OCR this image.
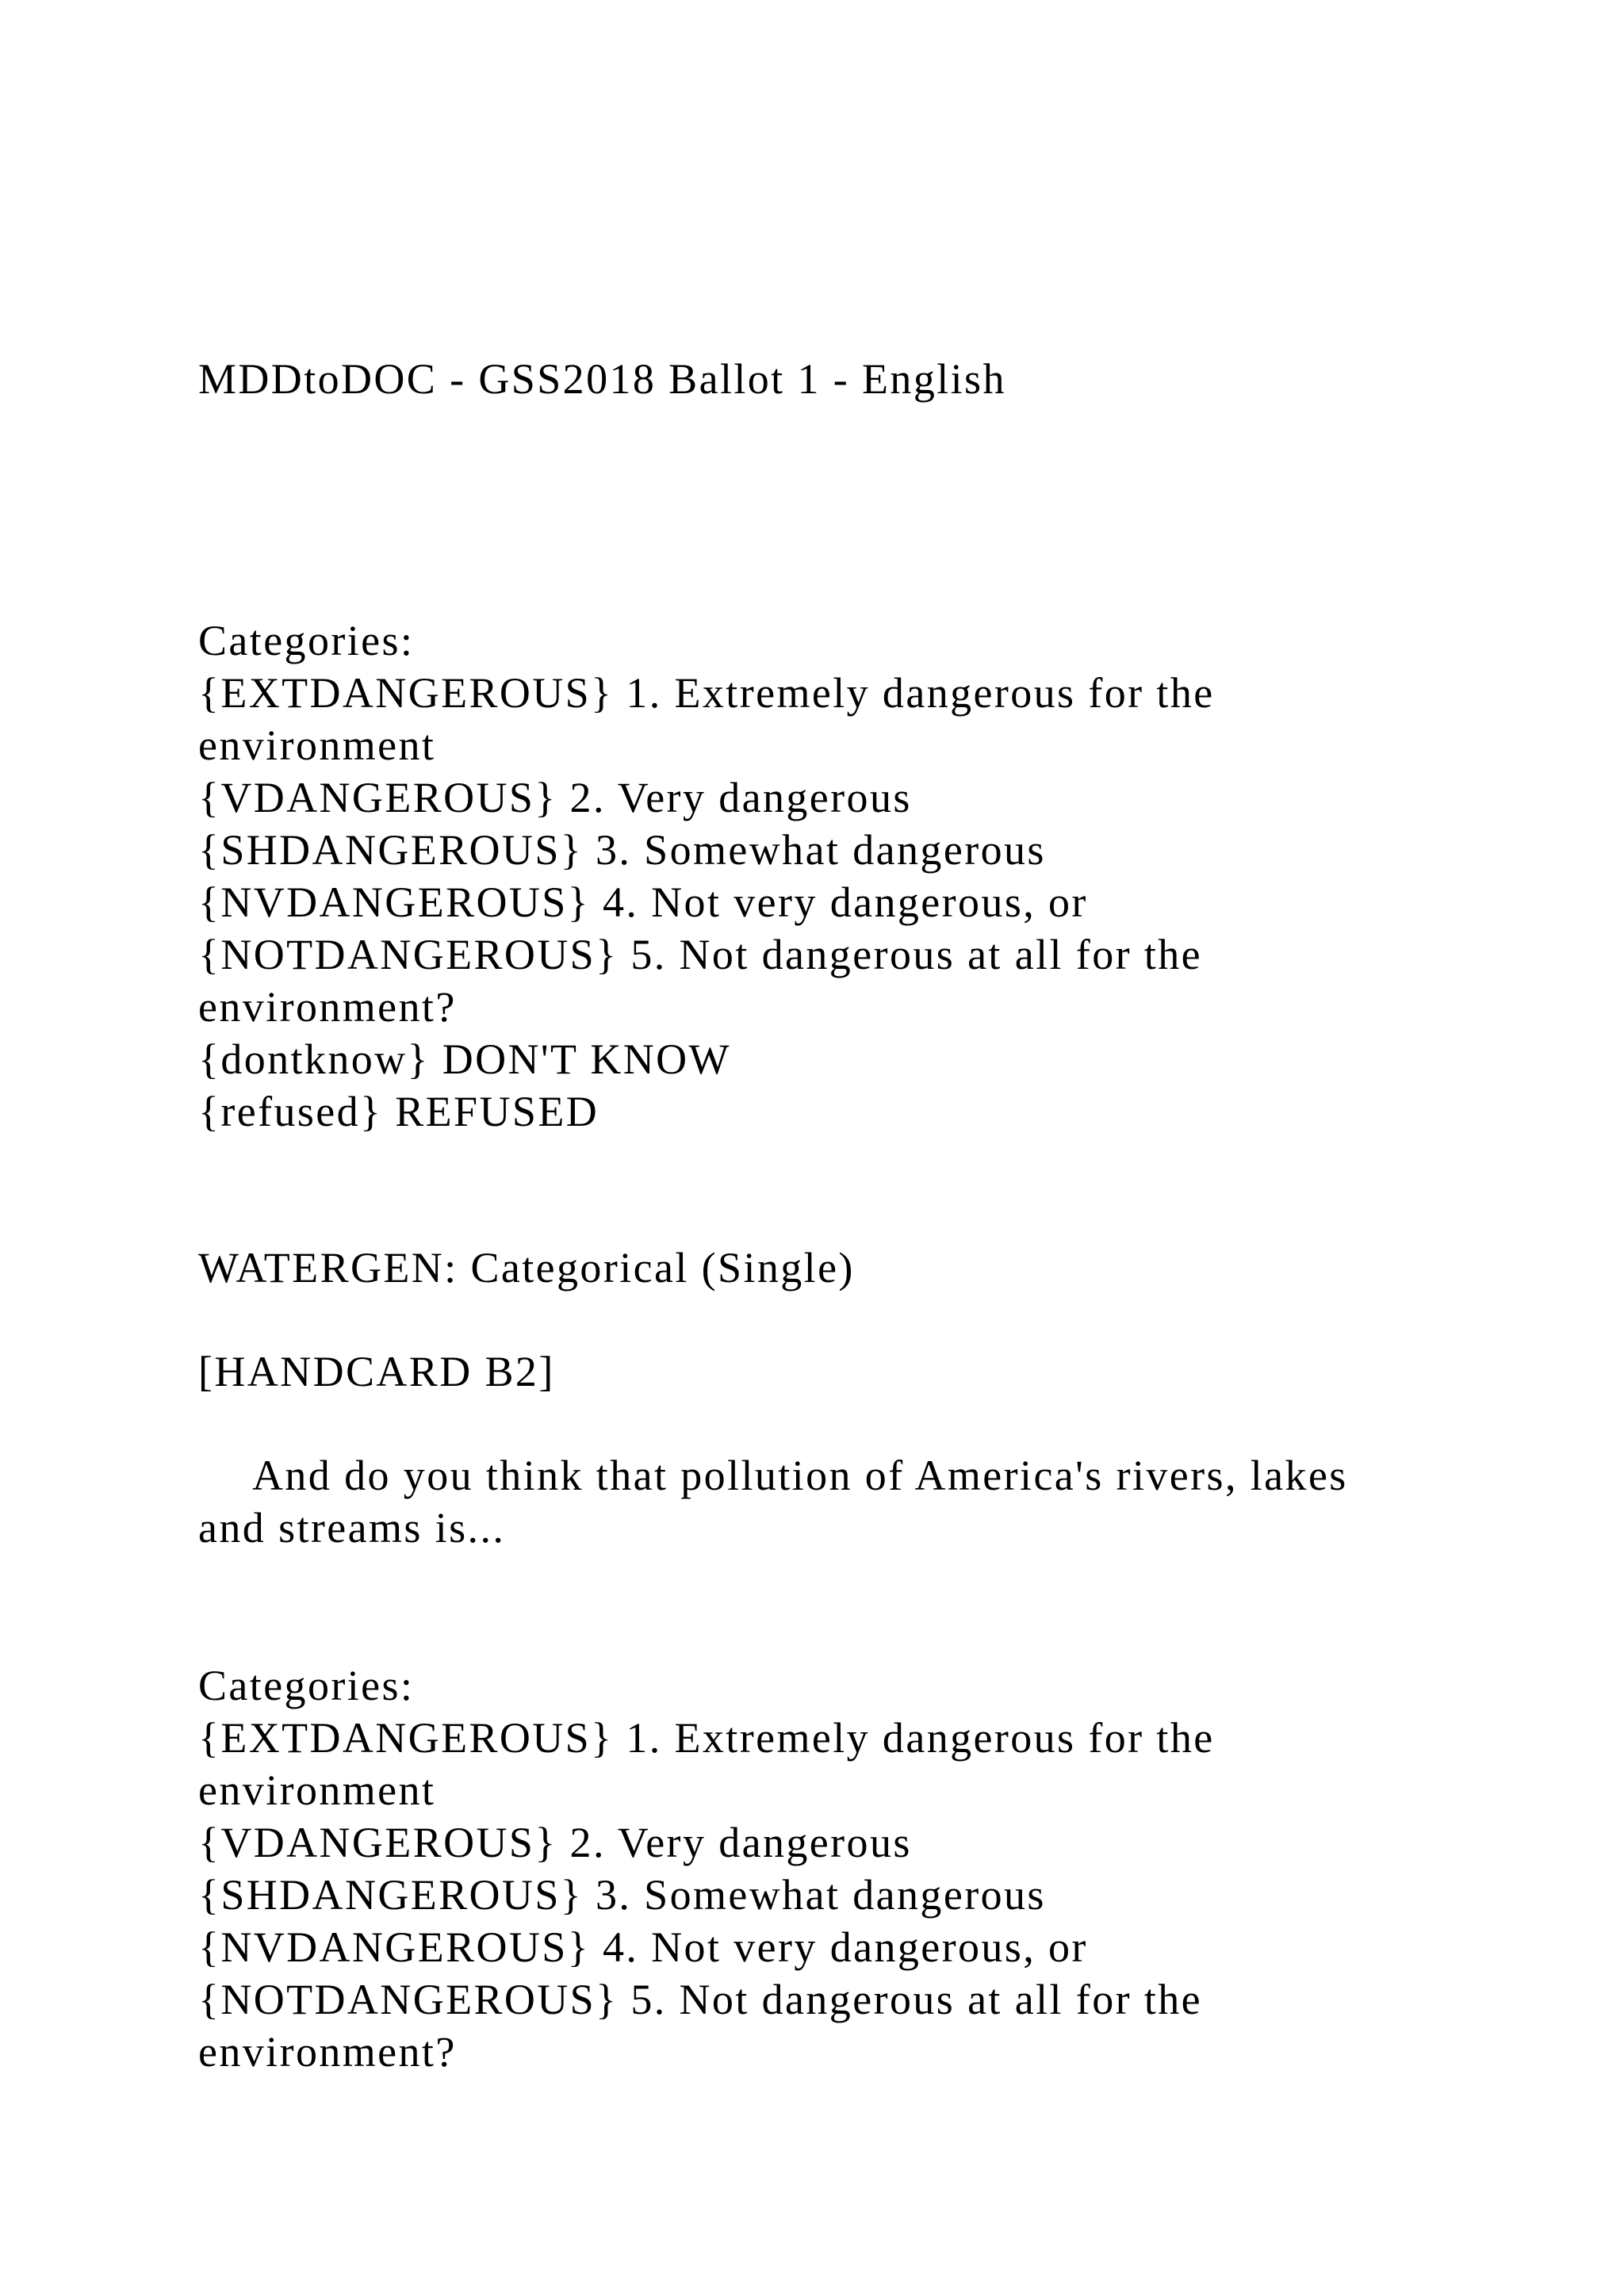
MDDtoDOC - GSS2018 Ballot 1 - English
Categories:
{EXTDANGEROUS} 1. Extremely dangerous for the
environment
{VDANGEROUS} 2. Very dangerous
{SHDANGEROUS} 3. Somewhat dangerous
{NVDANGEROUS} 4. Not very dangerous, or
{NOTDANGEROUS} 5. Not dangerous at all for the
environment?
{dontknow} DON'T KNOW
{refused} REFUSED
WATERGEN: Categorical (Single)
[HANDCARD B2]
And do you think that pollution of America's rivers, lakes
and streams is...
Categories:
{EXTDANGEROUS} 1. Extremely dangerous for the
environment
{VDANGEROUS} 2. Very dangerous
{SHDANGEROUS} 3. Somewhat dangerous
{NVDANGEROUS} 4. Not very dangerous, or
{NOTDANGEROUS} 5. Not dangerous at all for the
environment?
